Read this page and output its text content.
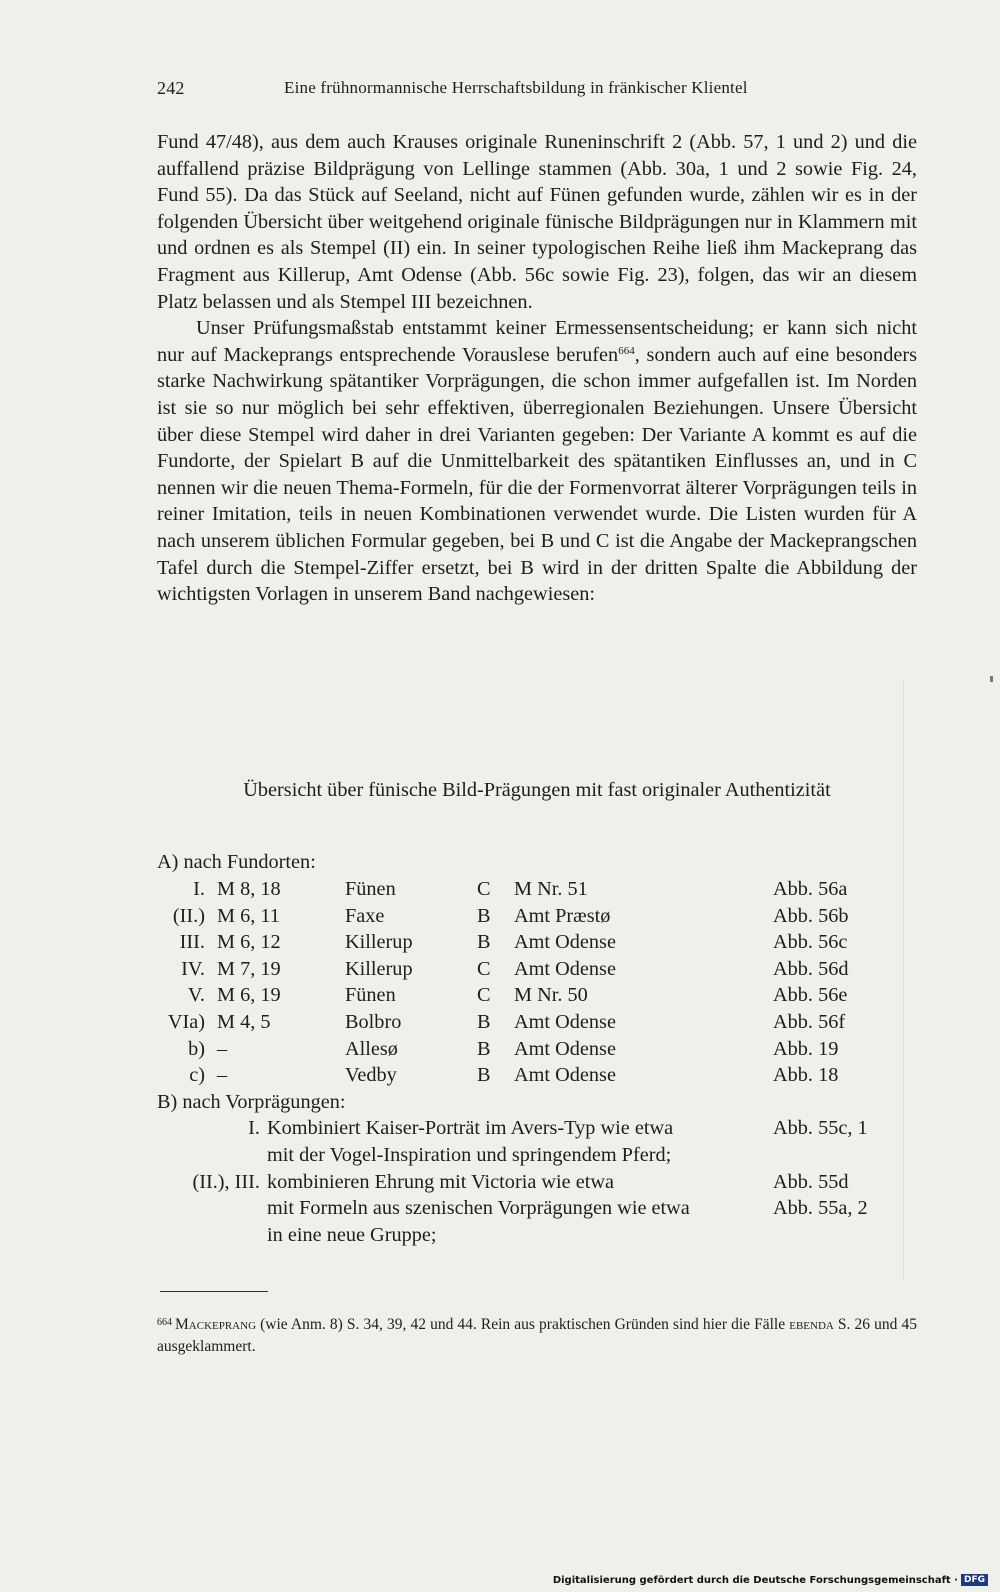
242	Eine frühnormannische Herrschaftsbildung in fränkischer Klientel

Fund 47/48), aus dem auch Krauses originale Runeninschrift 2 (Abb. 57, 1 und 2) und die auffallend präzise Bildprägung von Lellinge stammen (Abb. 30a, 1 und 2 sowie Fig. 24, Fund 55). Da das Stück auf Seeland, nicht auf Fünen gefunden wurde, zählen wir es in der folgenden Übersicht über weitgehend originale fünische Bildprägungen nur in Klammern mit und ordnen es als Stempel (II) ein. In seiner typologischen Reihe ließ ihm Mackeprang das Fragment aus Killerup, Amt Odense (Abb. 56c sowie Fig. 23), folgen, das wir an diesem Platz belassen und als Stempel III bezeichnen.

Unser Prüfungsmaßstab entstammt keiner Ermessensentscheidung; er kann sich nicht nur auf Mackeprangs entsprechende Vorauslese berufen$^{664}$, sondern auch auf eine besonders starke Nachwirkung spätantiker Vorprägungen, die schon immer aufgefallen ist. Im Norden ist sie so nur möglich bei sehr effektiven, überregionalen Beziehungen. Unsere Übersicht über diese Stempel wird daher in drei Varianten gegeben: Der Variante A kommt es auf die Fundorte, der Spielart B auf die Unmittelbarkeit des spätantiken Einflusses an, und in C nennen wir die neuen Thema-Formeln, für die der Formenvorrat älterer Vorprägungen teils in reiner Imitation, teils in neuen Kombinationen verwendet wurde. Die Listen wurden für A nach unserem üblichen Formular gegeben, bei B und C ist die Angabe der Mackeprangschen Tafel durch die Stempel-Ziffer ersetzt, bei B wird in der dritten Spalte die Abbildung der wichtigsten Vorlagen in unserem Band nachgewiesen:

Übersicht über fünische Bild-Prägungen mit fast originaler Authentizität
A) nach Fundorten:
I. M 8, 18	Fünen	C	M Nr. 51	Abb. 56a
(II.) M 6, 11	Faxe	B	Amt Præstø	Abb. 56b
III. M 6, 12	Killerup	B	Amt Odense	Abb. 56c
IV. M 7, 19	Killerup	C	Amt Odense	Abb. 56d
V. M 6, 19	Fünen	C	M Nr. 50	Abb. 56e
VIa) M 4, 5	Bolbro	B	Amt Odense	Abb. 56f
b) –	Allesø	B	Amt Odense	Abb. 19
c) –	Vedby	B	Amt Odense	Abb. 18
B) nach Vorprägungen:
I. Kombiniert Kaiser-Porträt im Avers-Typ wie etwa	Abb. 55c, 1
mit der Vogel-Inspiration und springendem Pferd;
(II.), III. kombinieren Ehrung mit Victoria wie etwa	Abb. 55d
mit Formeln aus szenischen Vorprägungen wie etwa	Abb. 55a, 2
in eine neue Gruppe;
$^{664}$ Mackeprang (wie Anm. 8) S. 34, 39, 42 und 44. Rein aus praktischen Gründen sind hier die Fälle ebenda S. 26 und 45 ausgeklammert.
Digitalisierung gefördert durch die Deutsche Forschungsgemeinschaft · DFG
